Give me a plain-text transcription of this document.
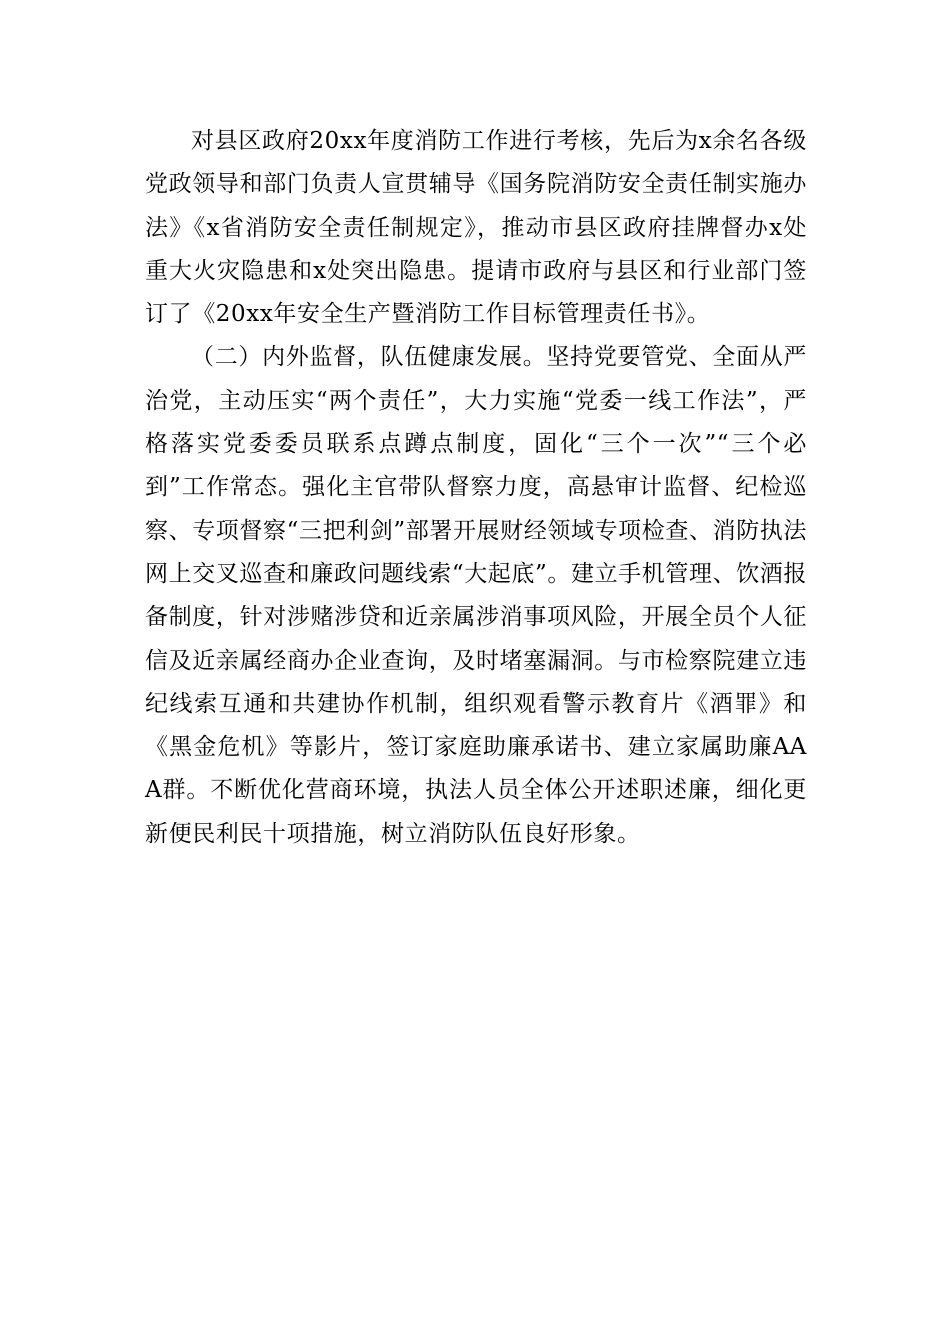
对县区政府20xx年度消防工作进行考核，先后为x余名各级党政领导和部门负责人宣贯辅导《国务院消防安全责任制实施办法》《x省消防安全责任制规定》，推动市县区政府挂牌督办x处重大火灾隐患和x处突出隐患。提请市政府与县区和行业部门签订了《20xx年安全生产暨消防工作目标管理责任书》。

（二）内外监督，队伍健康发展。坚持党要管党、全面从严治党，主动压实“两个责任”，大力实施“党委一线工作法”，严格落实党委委员联系点蹲点制度，固化“三个一次”“三个必到”工作常态。强化主官带队督察力度，高悬审计监督、纪检巡察、专项督察“三把利剑”部署开展财经领域专项检查、消防执法网上交叉巡查和廉政问题线索“大起底”。建立手机管理、饮酒报备制度，针对涉赌涉贷和近亲属涉消事项风险，开展全员个人征信及近亲属经商办企业查询，及时堵塞漏洞。与市检察院建立违纪线索互通和共建协作机制，组织观看警示教育片《酒罪》和《黑金危机》等影片，签订家庭助廉承诺书、建立家属助廉AAA群。不断优化营商环境，执法人员全体公开述职述廉，细化更新便民利民十项措施，树立消防队伍良好形象。
